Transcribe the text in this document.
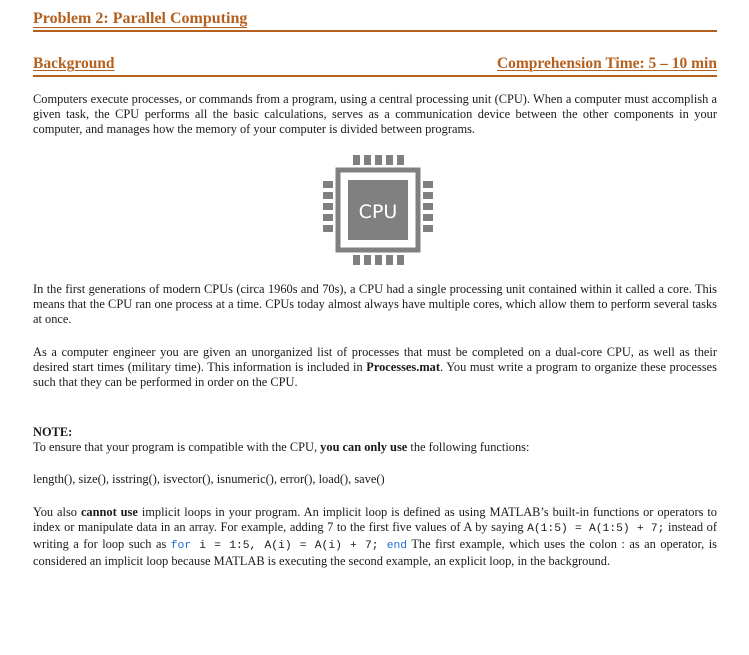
Problem 2: Parallel Computing
Background	Comprehension Time: 5 – 10 min

Computers execute processes, or commands from a program, using a central processing unit (CPU). When a computer must accomplish a given task, the CPU performs all the basic calculations, serves as a communication device between the other components in your computer, and manages how the memory of your computer is divided between programs.

CPU

In the first generations of modern CPUs (circa 1960s and 70s), a CPU had a single processing unit contained within it called a core. This means that the CPU ran one process at a time. CPUs today almost always have multiple cores, which allow them to perform several tasks at once.

As a computer engineer you are given an unorganized list of processes that must be completed on a dual-core CPU, as well as their desired start times (military time). This information is included in Processes.mat. You must write a program to organize these processes such that they can be performed in order on the CPU.

NOTE:

To ensure that your program is compatible with the CPU, you can only use the following functions:

length(), size(), isstring(), isvector(), isnumeric(), error(), load(), save()

You also cannot use implicit loops in your program. An implicit loop is defined as using MATLAB’s built-in functions or operators to index or manipulate data in an array. For example, adding 7 to the first five values of A by saying A(1:5) = A(1:5) + 7; instead of writing a for loop such as for i = 1:5, A(i) = A(i) + 7; end The first example, which uses the colon : as an operator, is considered an implicit loop because MATLAB is executing the second example, an explicit loop, in the background.
